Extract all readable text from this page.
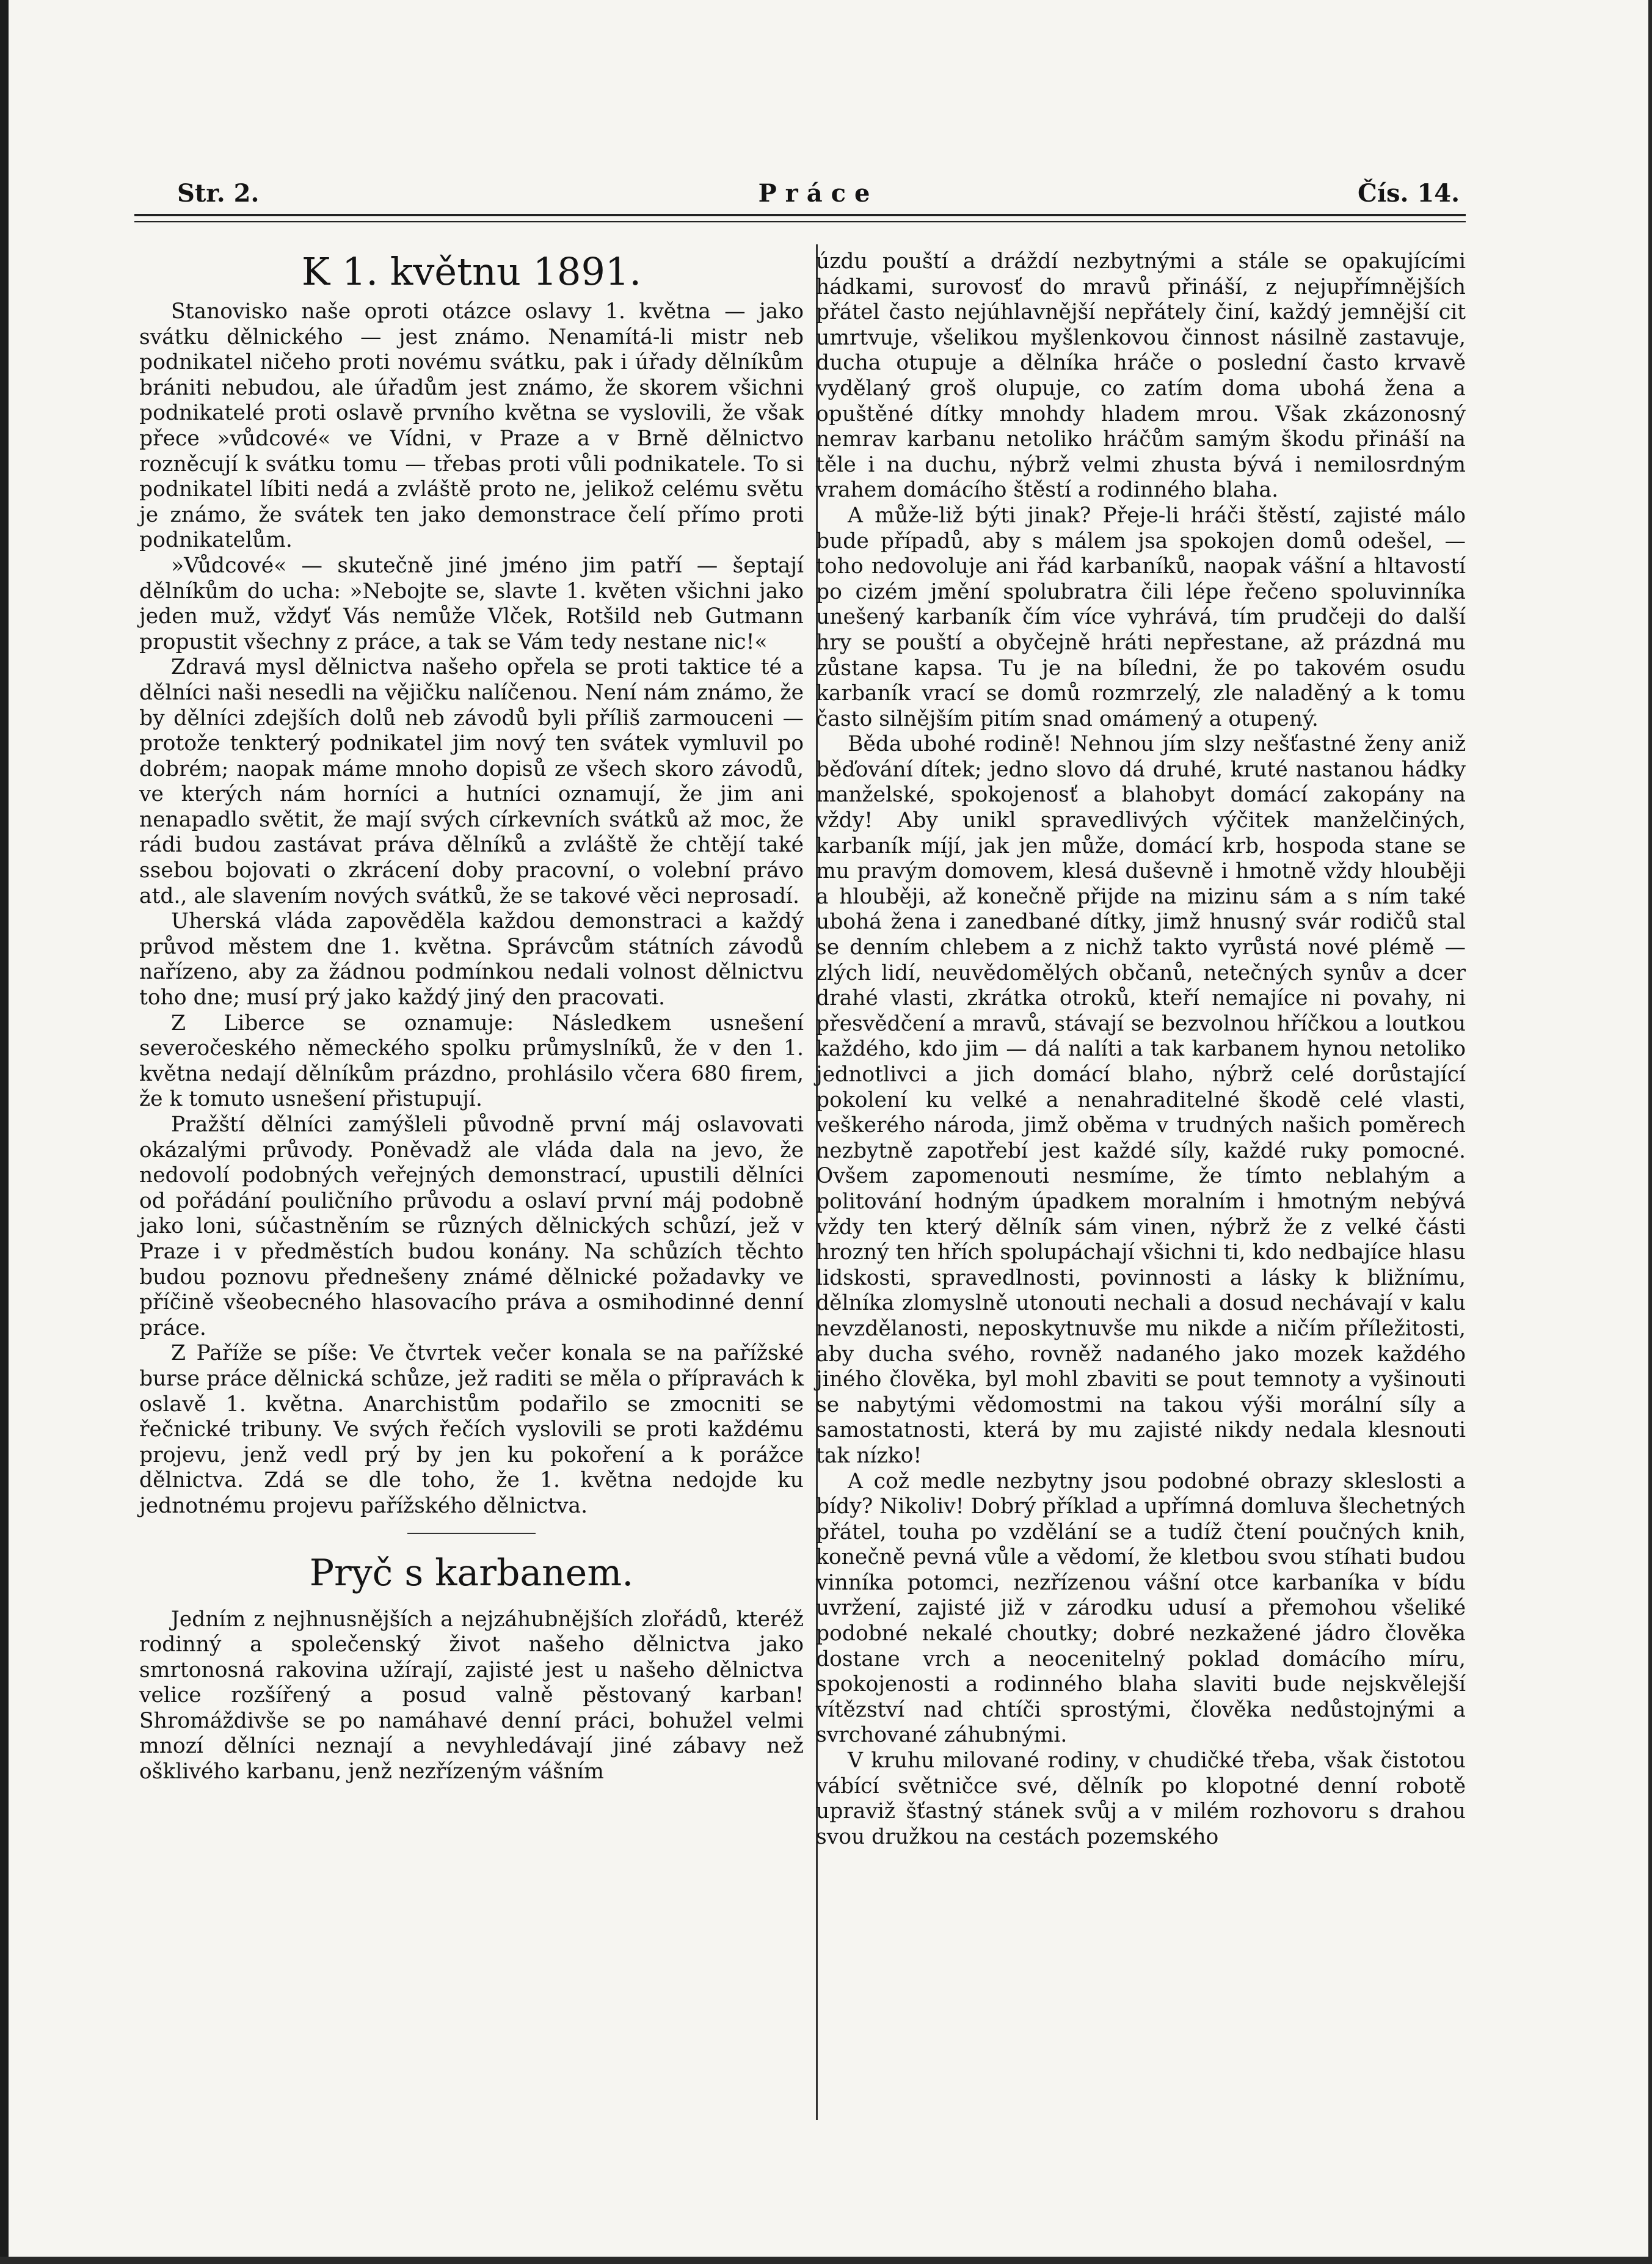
Str. 2.	Práce	Čís. 14.
K 1. květnu 1891.

Stanovisko naše oproti otázce oslavy 1. května — jako svátku dělnického — jest známo. Nenamítá-li mistr neb podnikatel ničeho proti novému svátku, pak i úřady dělníkům brániti nebudou, ale úřadům jest známo, že skorem všichni podnikatelé proti oslavě prvního května se vyslovili, že však přece »vůdcové« ve Vídni, v Praze a v Brně dělnictvo rozněcují k svátku tomu — třebas proti vůli podnikatele. To si podnikatel líbiti nedá a zvláště proto ne, jelikož celému světu je známo, že svátek ten jako demonstrace čelí přímo proti podnikatelům.

»Vůdcové« — skutečně jiné jméno jim patří — šeptají dělníkům do ucha: »Nebojte se, slavte 1. květen všichni jako jeden muž, vždyť Vás nemůže Vlček, Rotšild neb Gutmann propustit všechny z práce, a tak se Vám tedy nestane nic!«

Zdravá mysl dělnictva našeho opřela se proti taktice té a dělníci naši nesedli na vějičku nalíčenou. Není nám známo, že by dělníci zdejších dolů neb závodů byli příliš zarmouceni — protože tenkterý podnikatel jim nový ten svátek vymluvil po dobrém; naopak máme mnoho dopisů ze všech skoro závodů, ve kterých nám horníci a hutníci oznamují, že jim ani nenapadlo světit, že mají svých církevních svátků až moc, že rádi budou zastávat práva dělníků a zvláště že chtějí také ssebou bojovati o zkrácení doby pracovní, o volební právo atd., ale slavením nových svátků, že se takové věci neprosadí.

Uherská vláda zapověděla každou demonstraci a každý průvod městem dne 1. května. Správcům státních závodů nařízeno, aby za žádnou podmínkou nedali volnost dělnictvu toho dne; musí prý jako každý jiný den pracovati.

Z Liberce se oznamuje: Následkem usnešení severočeského německého spolku průmyslníků, že v den 1. května nedají dělníkům prázdno, prohlásilo včera 680 firem, že k tomuto usnešení přistupují.

Pražští dělníci zamýšleli původně první máj oslavovati okázalými průvody. Poněvadž ale vláda dala na jevo, že nedovolí podobných veřejných demonstrací, upustili dělníci od pořádání pouličního průvodu a oslaví první máj podobně jako loni, súčastněním se různých dělnických schůzí, jež v Praze i v předměstích budou konány. Na schůzích těchto budou poznovu přednešeny známé dělnické požadavky ve příčině všeobecného hlasovacího práva a osmihodinné denní práce.

Z Paříže se píše: Ve čtvrtek večer konala se na pařížské burse práce dělnická schůze, jež raditi se měla o přípravách k oslavě 1. května. Anarchistům podařilo se zmocniti se řečnické tribuny. Ve svých řečích vyslovili se proti každému projevu, jenž vedl prý by jen ku pokoření a k porážce dělnictva. Zdá se dle toho, že 1. května nedojde ku jednotnému projevu pařížského dělnictva.

Pryč s karbanem.

Jedním z nejhnusnějších a nejzáhubnějších zlořádů, kteréž rodinný a společenský život našeho dělnictva jako smrtonosná rakovina užírají, zajisté jest u našeho dělnictva velice rozšířený a posud valně pěstovaný karban! Shromáždivše se po namáhavé denní práci, bohužel velmi mnozí dělníci neznají a nevyhledávají jiné zábavy než ošklivého karbanu, jenž nezřízeným vášním

úzdu pouští a dráždí nezbytnými a stále se opakujícími hádkami, surovosť do mravů přináší, z nejupřímnějších přátel často nejúhlavnější nepřátely činí, každý jemnější cit umrtvuje, všelikou myšlenkovou činnost násilně zastavuje, ducha otupuje a dělníka hráče o poslední často krvavě vydělaný groš olupuje, co zatím doma ubohá žena a opuštěné dítky mnohdy hladem mrou. Však zkázonosný nemrav karbanu netoliko hráčům samým škodu přináší na těle i na duchu, nýbrž velmi zhusta bývá i nemilosrdným vrahem domácího štěstí a rodinného blaha.

A může-liž býti jinak? Přeje-li hráči štěstí, zajisté málo bude případů, aby s málem jsa spokojen domů odešel, — toho nedovoluje ani řád karbaníků, naopak vášní a hltavostí po cizém jmění spolubratra čili lépe řečeno spoluvinníka unešený karbaník čím více vyhrává, tím prudčeji do další hry se pouští a obyčejně hráti nepřestane, až prázdná mu zůstane kapsa. Tu je na bíledni, že po takovém osudu karbaník vrací se domů rozmrzelý, zle naladěný a k tomu často silnějším pitím snad omámený a otupený.

Běda ubohé rodině! Nehnou jím slzy nešťastné ženy aniž běďování dítek; jedno slovo dá druhé, kruté nastanou hádky manželské, spokojenosť a blahobyt domácí zakopány na vždy! Aby unikl spravedlivých výčitek manželčiných, karbaník míjí, jak jen může, domácí krb, hospoda stane se mu pravým domovem, klesá duševně i hmotně vždy hlouběji a hlouběji, až konečně přijde na mizinu sám a s ním také ubohá žena i zanedbané dítky, jimž hnusný svár rodičů stal se denním chlebem a z nichž takto vyrůstá nové plémě — zlých lidí, neuvědomělých občanů, netečných synův a dcer drahé vlasti, zkrátka otroků, kteří nemajíce ni povahy, ni přesvědčení a mravů, stávají se bezvolnou hříčkou a loutkou každého, kdo jim — dá nalíti a tak karbanem hynou netoliko jednotlivci a jich domácí blaho, nýbrž celé dorůstající pokolení ku velké a nenahraditelné škodě celé vlasti, veškerého národa, jimž oběma v trudných našich poměrech nezbytně zapotřebí jest každé síly, každé ruky pomocné. Ovšem zapomenouti nesmíme, že tímto neblahým a politování hodným úpadkem moralním i hmotným nebývá vždy ten který dělník sám vinen, nýbrž že z velké části hrozný ten hřích spolupáchají všichni ti, kdo nedbajíce hlasu lidskosti, spravedlnosti, povinnosti a lásky k bližnímu, dělníka zlomyslně utonouti nechali a dosud nechávají v kalu nevzdělanosti, neposkytnuvše mu nikde a ničím příležitosti, aby ducha svého, rovněž nadaného jako mozek každého jiného člověka, byl mohl zbaviti se pout temnoty a vyšinouti se nabytými vědomostmi na takou výši morální síly a samostatnosti, která by mu zajisté nikdy nedala klesnouti tak nízko!

A což medle nezbytny jsou podobné obrazy skleslosti a bídy? Nikoliv! Dobrý příklad a upřímná domluva šlechetných přátel, touha po vzdělání se a tudíž čtení poučných knih, konečně pevná vůle a vědomí, že kletbou svou stíhati budou vinníka potomci, nezřízenou vášní otce karbaníka v bídu uvržení, zajisté již v zárodku udusí a přemohou všeliké podobné nekalé choutky; dobré nezkažené jádro člověka dostane vrch a neocenitelný poklad domácího míru, spokojenosti a rodinného blaha slaviti bude nejskvělejší vítězství nad chtíči sprostými, člověka nedůstojnými a svrchované záhubnými.

V kruhu milované rodiny, v chudičké třeba, však čistotou vábící světničce své, dělník po klopotné denní robotě upraviž šťastný stánek svůj a v milém rozhovoru s drahou svou družkou na cestách pozemského
